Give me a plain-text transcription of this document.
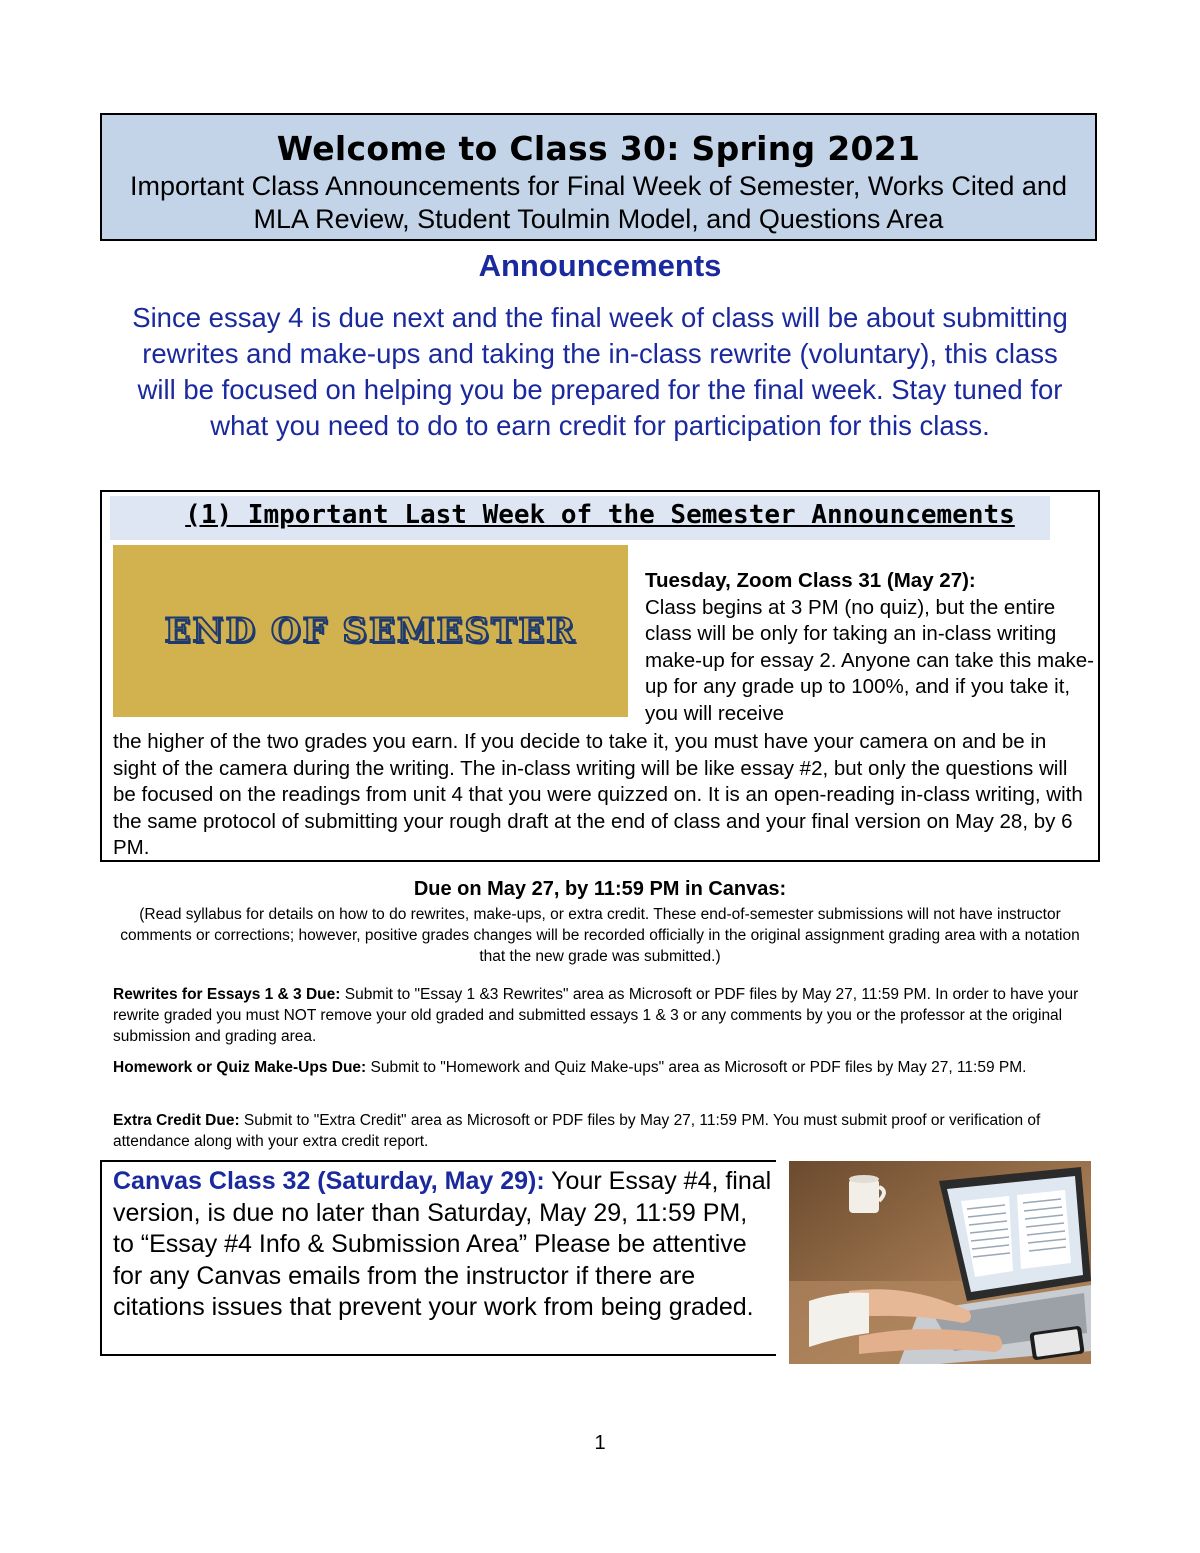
Welcome to Class 30: Spring 2021
Important Class Announcements for Final Week of Semester, Works Cited and MLA Review, Student Toulmin Model, and Questions Area
Announcements
Since essay 4 is due next and the final week of class will be about submitting rewrites and make-ups and taking the in-class rewrite (voluntary), this class will be focused on helping you be prepared for the final week. Stay tuned for what you need to do to earn credit for participation for this class.
(1) Important Last Week of the Semester Announcements
END OF SEMESTER
Tuesday, Zoom Class 31 (May 27):
Class begins at 3 PM (no quiz), but the entire class will be only for taking an in-class writing make-up for essay 2. Anyone can take this make-up for any grade up to 100%, and if you take it, you will receive
the higher of the two grades you earn. If you decide to take it, you must have your camera on and be in sight of the camera during the writing. The in-class writing will be like essay #2, but only the questions will be focused on the readings from unit 4 that you were quizzed on. It is an open-reading in-class writing, with the same protocol of submitting your rough draft at the end of class and your final version on May 28, by 6 PM.
Due on May 27, by 11:59 PM in Canvas:
(Read syllabus for details on how to do rewrites, make-ups, or extra credit. These end-of-semester submissions will not have instructor comments or corrections; however, positive grades changes will be recorded officially in the original assignment grading area with a notation that the new grade was submitted.)
Rewrites for Essays 1 & 3 Due: Submit to "Essay 1 &3 Rewrites" area as Microsoft or PDF files by May 27, 11:59 PM. In order to have your rewrite graded you must NOT remove your old graded and submitted essays 1 & 3 or any comments by you or the professor at the original submission and grading area.
Homework or Quiz Make-Ups Due: Submit to "Homework and Quiz Make-ups" area as Microsoft or PDF files by May 27, 11:59 PM.
Extra Credit Due: Submit to "Extra Credit" area as Microsoft or PDF files by May 27, 11:59 PM. You must submit proof or verification of attendance along with your extra credit report.
Canvas Class 32 (Saturday, May 29): Your Essay #4, final version, is due no later than Saturday, May 29, 11:59 PM, to “Essay #4 Info & Submission Area” Please be attentive for any Canvas emails from the instructor if there are citations issues that prevent your work from being graded.
1
